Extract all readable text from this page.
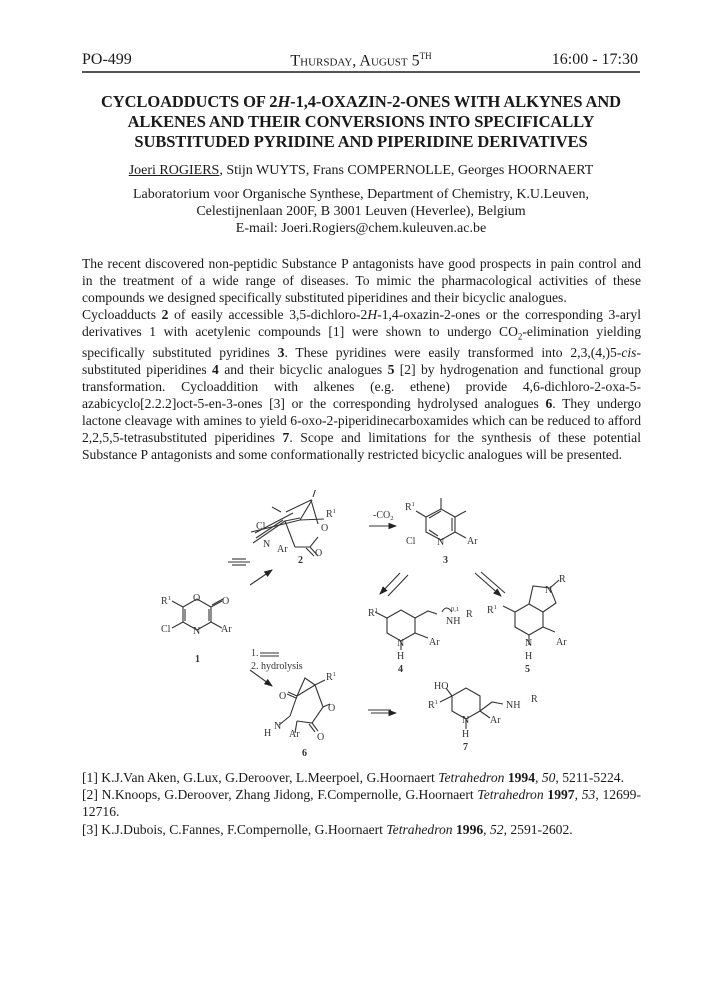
PO-499	Thursday, August 5TH	16:00 - 17:30
CYCLOADDUCTS OF 2H-1,4-OXAZIN-2-ONES WITH ALKYNES AND
ALKENES AND THEIR CONVERSIONS INTO SPECIFICALLY
SUBSTITUDED PYRIDINE AND PIPERIDINE DERIVATIVES
Joeri ROGIERS, Stijn WUYTS, Frans COMPERNOLLE, Georges HOORNAERT
Laboratorium voor Organische Synthese, Department of Chemistry, K.U.Leuven,
Celestijnenlaan 200F, B 3001 Leuven (Heverlee), Belgium
E-mail: Joeri.Rogiers@chem.kuleuven.ac.be

The recent discovered non-peptidic Substance P antagonists have good prospects in pain control and in the treatment of a wide range of diseases. To mimic the pharmacological activities of these compounds we designed specifically substituted piperidines and their bicyclic analogues.

Cycloadducts 2 of easily accessible 3,5-dichloro-2H-1,4-oxazin-2-ones or the corresponding 3-aryl derivatives 1 with acetylenic compounds [1] were shown to undergo $CO_2$-elimination yielding specifically substituted pyridines 3. These pyridines were easily transformed into 2,3,(4,)5-cis-substituted piperidines 4 and their bicyclic analogues 5 [2] by hydrogenation and functional group transformation. Cycloaddition with alkenes (e.g. ethene) provide 4,6-dichloro-2-oxa-5-azabicyclo[2.2.2]oct-5-en-3-ones [3] or the corresponding hydrolysed analogues 6. They undergo lactone cleavage with amines to yield 6-oxo-2-piperidinecarboxamides which can be reduced to afford 2,2,5,5-tetrasubstituted piperidines 7. Scope and limitations for the synthesis of these potential Substance P antagonists and some conformationally restricted bicyclic analogues will be presented.

$R^1$ O O
Cl N Ar
1
$R^1$
Cl	O
N Ar	O
2
$-CO_2$
$R^1$
Cl N Ar
3
$R^1$	0,1
NH
R
N Ar
H
4
$R^1$
N
R
N Ar
H
5
1.
2. hydrolysis
$R^1$
O
O
N
H Ar O
6
HO
$R^1$	NH
R
N Ar
H
7

[1] K.J.Van Aken, G.Lux, G.Deroover, L.Meerpoel, G.Hoornaert Tetrahedron 1994, 50, 5211-5224.

[2] N.Knoops, G.Deroover, Zhang Jidong, F.Compernolle, G.Hoornaert Tetrahedron 1997, 53, 12699-12716.

[3] K.J.Dubois, C.Fannes, F.Compernolle, G.Hoornaert Tetrahedron 1996, 52, 2591-2602.
